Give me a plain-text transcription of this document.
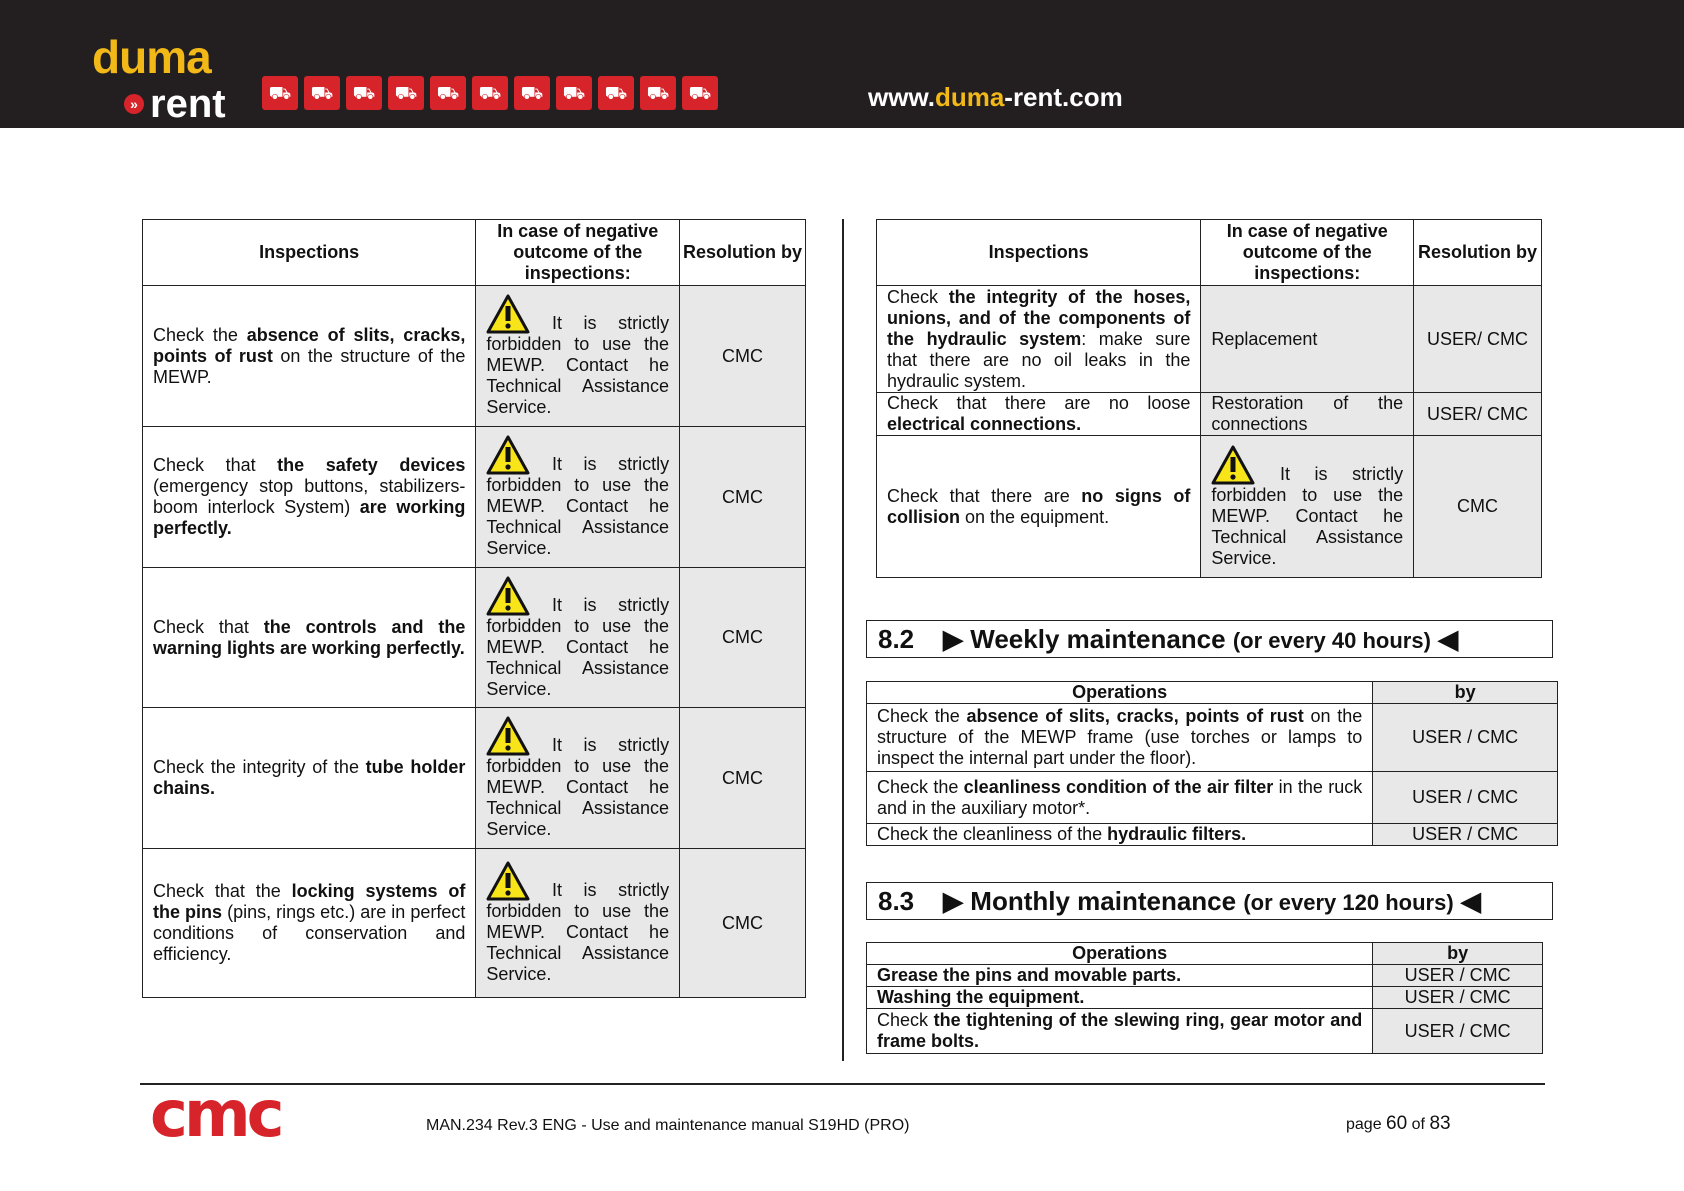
duma
» rent	⛟	⛟	⛟	⛟	⛟	⛟	⛟	⛟	⛟	⛟	⛟	www.duma-rent.com
Inspections	In case of negative outcome of the inspections:	Resolution by
Check the absence of slits, cracks, points of rust on the structure of the MEWP.	It is strictly forbidden to use the MEWP. Contact he Technical Assistance Service.	CMC
Check that the safety devices (emergency stop buttons, stabilizers-boom interlock System) are working perfectly.	It is strictly forbidden to use the MEWP. Contact he Technical Assistance Service.	CMC
Check that the controls and the warning lights are working perfectly.	It is strictly forbidden to use the MEWP. Contact he Technical Assistance Service.	CMC
Check the integrity of the tube holder chains.	It is strictly forbidden to use the MEWP. Contact he Technical Assistance Service.	CMC
Check that the locking systems of the pins (pins, rings etc.) are in perfect conditions of conservation and efficiency.	It is strictly forbidden to use the MEWP. Contact he Technical Assistance Service.	CMC
Inspections	In case of negative outcome of the inspections:	Resolution by
Check the integrity of the hoses, unions, and of the components of the hydraulic system: make sure that there are no oil leaks in the hydraulic system.	Replacement	USER/ CMC
Check that there are no loose electrical connections.	Restoration of the connections	USER/ CMC
Check that there are no signs of collision on the equipment.	It is strictly forbidden to use the MEWP. Contact he Technical Assistance Service.	CMC
8.2    ▶ Weekly maintenance (or every 40 hours) ◀
Operations	by
Check the absence of slits, cracks, points of rust on the structure of the MEWP frame (use torches or lamps to inspect the internal part under the floor).	USER / CMC
Check the cleanliness condition of the air filter in the ruck and in the auxiliary motor*.	USER / CMC
Check the cleanliness of the hydraulic filters.	USER / CMC
8.3    ▶ Monthly maintenance (or every 120 hours) ◀
Operations	by
Grease the pins and movable parts.	USER / CMC
Washing the equipment.	USER / CMC
Check the tightening of the slewing ring, gear motor and frame bolts.	USER / CMC
cmc	MAN.234 Rev.3 ENG - Use and maintenance manual S19HD (PRO)	page 60 of 83
